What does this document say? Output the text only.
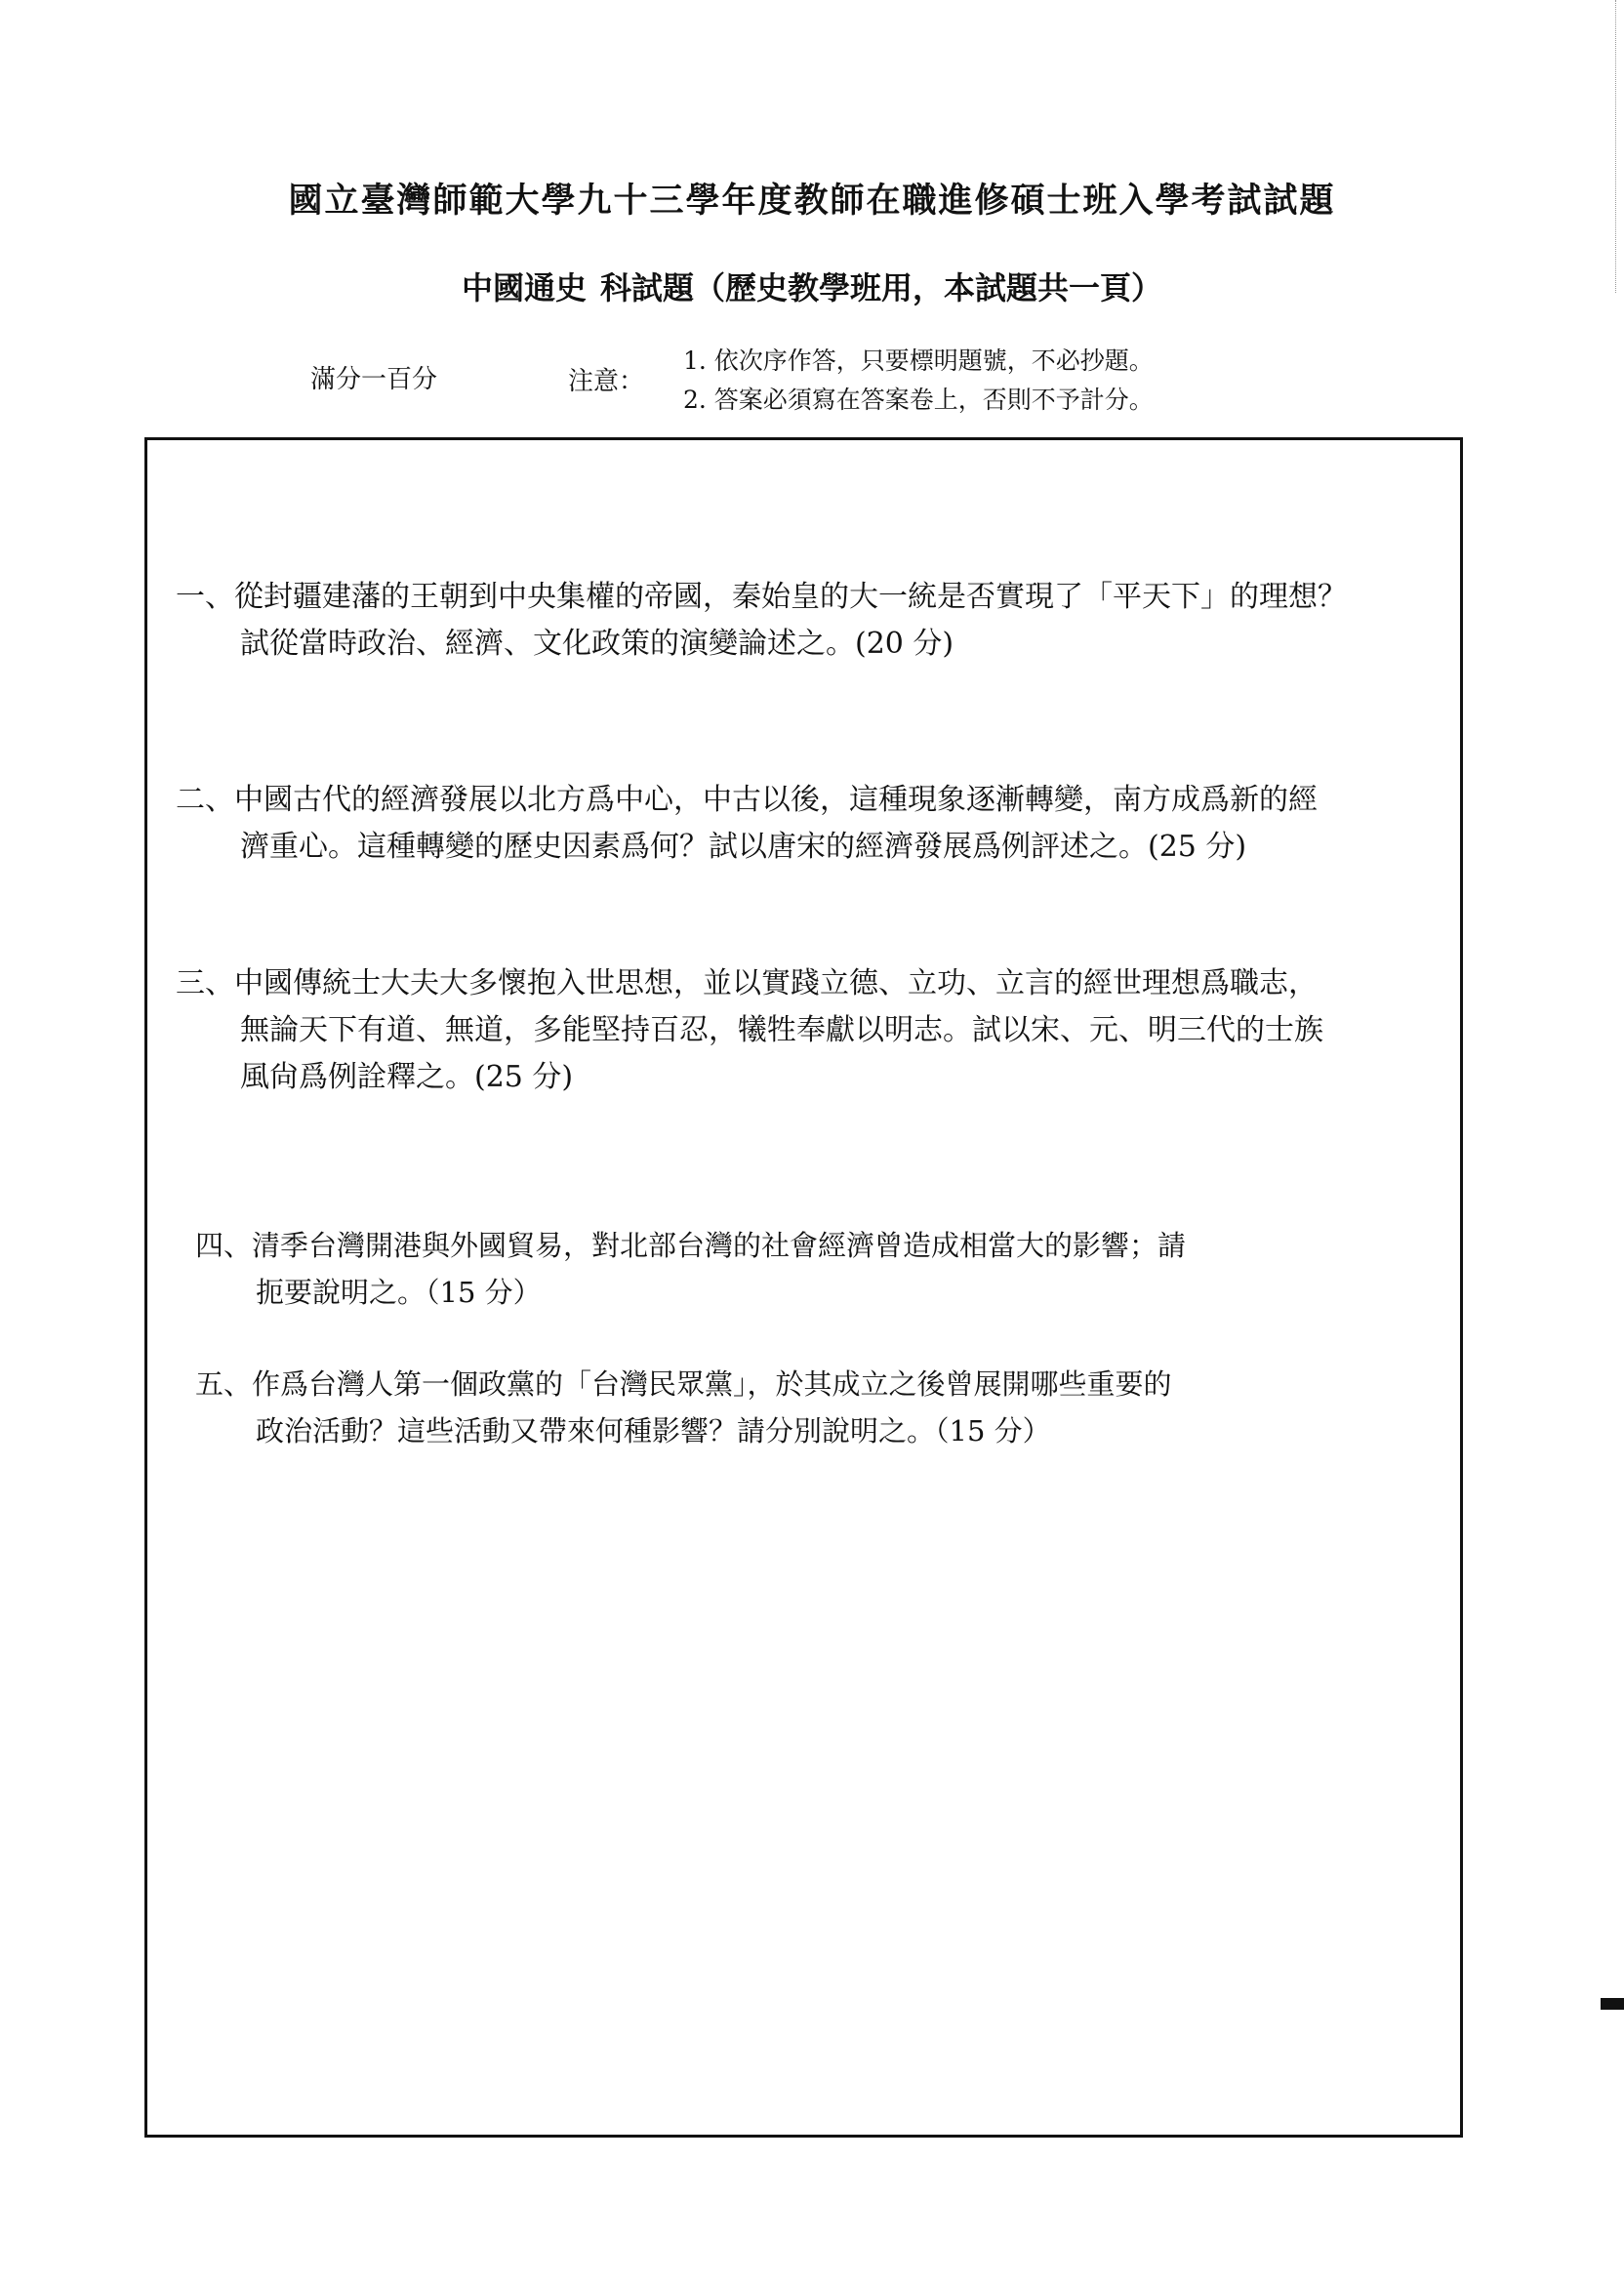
國立臺灣師範大學九十三學年度教師在職進修碩士班入學考試試題
中國通史 科試題（歷史教學班用，本試題共一頁）
滿分一百分	注意：
1. 依次序作答，只要標明題號，不必抄題。
2. 答案必須寫在答案卷上，否則不予計分。
一、從封疆建藩的王朝到中央集權的帝國，秦始皇的大一統是否實現了「平天下」的理想？
試從當時政治、經濟、文化政策的演變論述之。(20 分)
二、中國古代的經濟發展以北方爲中心，中古以後，這種現象逐漸轉變，南方成爲新的經
濟重心。這種轉變的歷史因素爲何？試以唐宋的經濟發展爲例評述之。(25 分)
三、中國傳統士大夫大多懷抱入世思想，並以實踐立德、立功、立言的經世理想爲職志，
無論天下有道、無道，多能堅持百忍，犧牲奉獻以明志。試以宋、元、明三代的士族
風尙爲例詮釋之。(25 分)
四、清季台灣開港與外國貿易，對北部台灣的社會經濟曾造成相當大的影響；請
扼要說明之。（15 分）
五、作爲台灣人第一個政黨的「台灣民眾黨」，於其成立之後曾展開哪些重要的
政治活動？這些活動又帶來何種影響？請分別說明之。（15 分）
